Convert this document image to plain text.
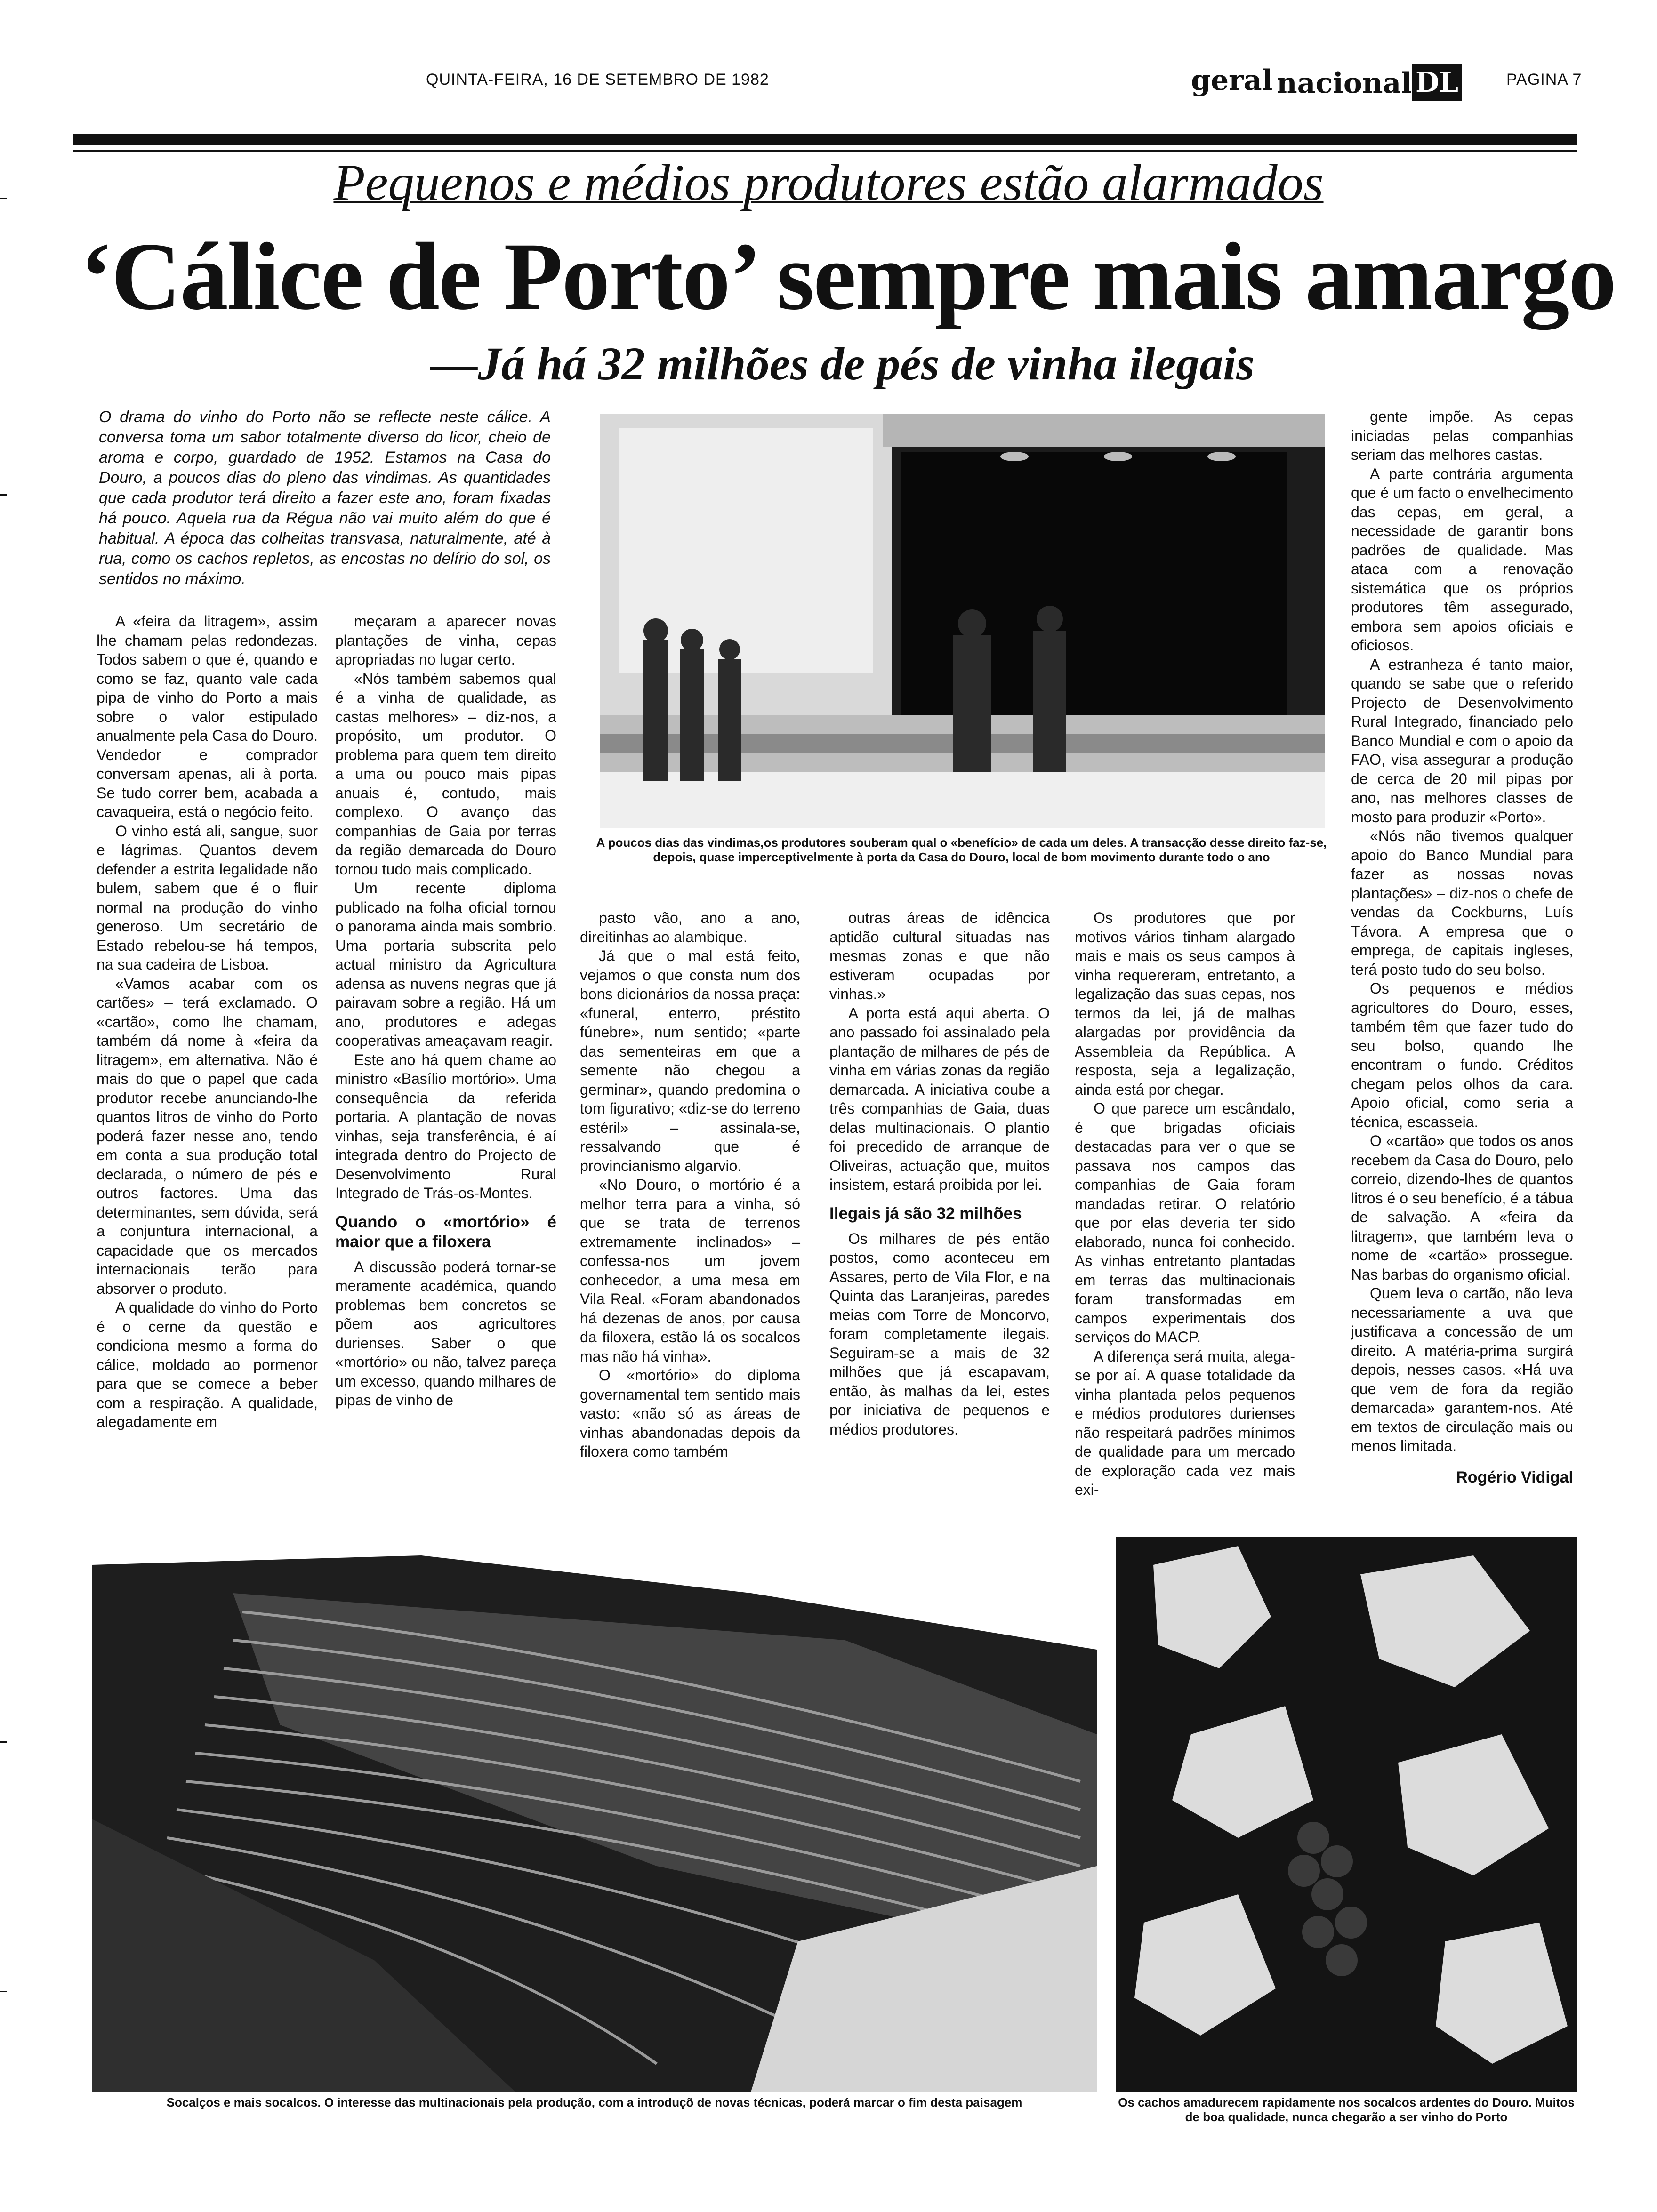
QUINTA-FEIRA, 16 DE SETEMBRO DE 1982	geral nacional DL	PAGINA 7
Pequenos e médios produtores estão alarmados
‘Cálice de Porto’ sempre mais amargo
—Já há 32 milhões de pés de vinha ilegais
O drama do vinho do Porto não se reflecte neste cálice. A conversa toma um sabor totalmente diverso do licor, cheio de aroma e corpo, guardado de 1952. Estamos na Casa do Douro, a poucos dias do pleno das vindimas. As quantidades que cada produtor terá direito a fazer este ano, foram fixadas há pouco. Aquela rua da Régua não vai muito além do que é habitual. A época das colheitas transvasa, naturalmente, até à rua, como os cachos repletos, as encostas no delírio do sol, os sentidos no máximo.

A «feira da litragem», assim lhe chamam pelas redondezas. Todos sabem o que é, quando e como se faz, quanto vale cada pipa de vinho do Porto a mais sobre o valor estipulado anualmente pela Casa do Douro. Vendedor e comprador conversam apenas, ali à porta. Se tudo correr bem, acabada a cavaqueira, está o negócio feito.

O vinho está ali, sangue, suor e lágrimas. Quantos devem defender a estrita legalidade não bulem, sabem que é o fluir normal na produção do vinho generoso. Um secretário de Estado rebelou-se há tempos, na sua cadeira de Lisboa.

«Vamos acabar com os cartões» – terá exclamado. O «cartão», como lhe chamam, também dá nome à «feira da litragem», em alternativa. Não é mais do que o papel que cada produtor recebe anunciando-lhe quantos litros de vinho do Porto poderá fazer nesse ano, tendo em conta a sua produção total declarada, o número de pés e outros factores. Uma das determinantes, sem dúvida, será a conjuntura internacional, a capacidade que os mercados internacionais terão para absorver o produto.

A qualidade do vinho do Porto é o cerne da questão e condiciona mesmo a forma do cálice, moldado ao pormenor para que se comece a beber com a respiração. A qualidade, alegadamente em

meçaram a aparecer novas plantações de vinha, cepas apropriadas no lugar certo.

«Nós também sabemos qual é a vinha de qualidade, as castas melhores» – diz-nos, a propósito, um produtor. O problema para quem tem direito a uma ou pouco mais pipas anuais é, contudo, mais complexo. O avanço das companhias de Gaia por terras da região demarcada do Douro tornou tudo mais complicado.

Um recente diploma publicado na folha oficial tornou o panorama ainda mais sombrio. Uma portaria subscrita pelo actual ministro da Agricultura adensa as nuvens negras que já pairavam sobre a região. Há um ano, produtores e adegas cooperativas ameaçavam reagir.

Este ano há quem chame ao ministro «Basílio mortório». Uma consequência da referida portaria. A plantação de novas vinhas, seja transferência, é aí integrada dentro do Projecto de Desenvolvimento Rural Integrado de Trás-os-Montes.

Quando o «mortório» é maior que a filoxera

A discussão poderá tornar-se meramente académica, quando problemas bem concretos se põem aos agricultores durienses. Saber o que «mortório» ou não, talvez pareça um excesso, quando milhares de pipas de vinho de

A poucos dias das vindimas,os produtores souberam qual o «benefício» de cada um deles. A transacção desse direito faz-se, depois, quase imperceptivelmente à porta da Casa do Douro, local de bom movimento durante todo o ano

pasto vão, ano a ano, direitinhas ao alambique.

Já que o mal está feito, vejamos o que consta num dos bons dicionários da nossa praça: «funeral, enterro, préstito fúnebre», num sentido; «parte das sementeiras em que a semente não chegou a germinar», quando predomina o tom figurativo; «diz-se do terreno estéril» – assinala-se, ressalvando que é provincianismo algarvio.

«No Douro, o mortório é a melhor terra para a vinha, só que se trata de terrenos extremamente inclinados» – confessa-nos um jovem conhecedor, a uma mesa em Vila Real. «Foram abandonados há dezenas de anos, por causa da filoxera, estão lá os socalcos mas não há vinha».

O «mortório» do diploma governamental tem sentido mais vasto: «não só as áreas de vinhas abandonadas depois da filoxera como também

outras áreas de idêncica aptidão cultural situadas nas mesmas zonas e que não estiveram ocupadas por vinhas.»

A porta está aqui aberta. O ano passado foi assinalado pela plantação de milhares de pés de vinha em várias zonas da região demarcada. A iniciativa coube a três companhias de Gaia, duas delas multinacionais. O plantio foi precedido de arranque de Oliveiras, actuação que, muitos insistem, estará proibida por lei.

Ilegais já são 32 milhões

Os milhares de pés então postos, como aconteceu em Assares, perto de Vila Flor, e na Quinta das Laranjeiras, paredes meias com Torre de Moncorvo, foram completamente ilegais. Seguiram-se a mais de 32 milhões que já escapavam, então, às malhas da lei, estes por iniciativa de pequenos e médios produtores.

Os produtores que por motivos vários tinham alargado mais e mais os seus campos à vinha requereram, entretanto, a legalização das suas cepas, nos termos da lei, já de malhas alargadas por providência da Assembleia da República. A resposta, seja a legalização, ainda está por chegar.

O que parece um escândalo, é que brigadas oficiais destacadas para ver o que se passava nos campos das companhias de Gaia foram mandadas retirar. O relatório que por elas deveria ter sido elaborado, nunca foi conhecido. As vinhas entretanto plantadas em terras das multinacionais foram transformadas em campos experimentais dos serviços do MACP.

A diferença será muita, alega-se por aí. A quase totalidade da vinha plantada pelos pequenos e médios produtores durienses não respeitará padrões mínimos de qualidade para um mercado de exploração cada vez mais exi-

gente impõe. As cepas iniciadas pelas companhias seriam das melhores castas.

A parte contrária argumenta que é um facto o envelhecimento das cepas, em geral, a necessidade de garantir bons padrões de qualidade. Mas ataca com a renovação sistemática que os próprios produtores têm assegurado, embora sem apoios oficiais e oficiosos.

A estranheza é tanto maior, quando se sabe que o referido Projecto de Desenvolvimento Rural Integrado, financiado pelo Banco Mundial e com o apoio da FAO, visa assegurar a produção de cerca de 20 mil pipas por ano, nas melhores classes de mosto para produzir «Porto».

«Nós não tivemos qualquer apoio do Banco Mundial para fazer as nossas novas plantações» – diz-nos o chefe de vendas da Cockburns, Luís Távora. A empresa que o emprega, de capitais ingleses, terá posto tudo do seu bolso.

Os pequenos e médios agricultores do Douro, esses, também têm que fazer tudo do seu bolso, quando lhe encontram o fundo. Créditos chegam pelos olhos da cara. Apoio oficial, como seria a técnica, escasseia.

O «cartão» que todos os anos recebem da Casa do Douro, pelo correio, dizendo-lhes de quantos litros é o seu benefício, é a tábua de salvação. A «feira da litragem», que também leva o nome de «cartão» prossegue. Nas barbas do organismo oficial.

Quem leva o cartão, não leva necessariamente a uva que justificava a concessão de um direito. A matéria-prima surgirá depois, nesses casos. «Há uva que vem de fora da região demarcada» garantem-nos. Até em textos de circulação mais ou menos limitada.

Rogério Vidigal
Socalços e mais socalcos. O interesse das multinacionais pela produção, com a introduçõ de novas técnicas, poderá marcar o fim desta paisagem	Os cachos amadurecem rapidamente nos socalcos ardentes do Douro. Muitos de boa qualidade, nunca chegarão a ser vinho do Porto
